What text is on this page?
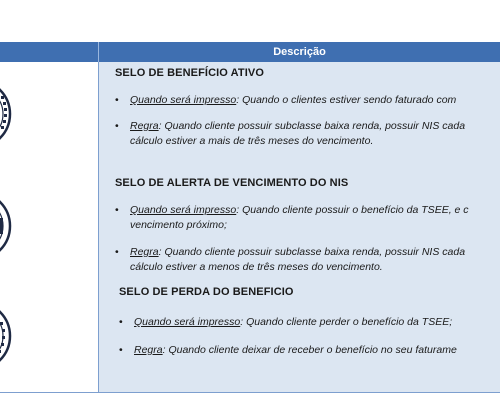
Descrição
SELO DE BENEFÍCIO ATIVO
• Quando será impresso: Quando o clientes estiver sendo faturado com
• Regra: Quando cliente possuir subclasse baixa renda, possuir NIS cada
cálculo estiver a mais de três meses do vencimento.
SELO DE ALERTA DE VENCIMENTO DO NIS
• Quando será impresso: Quando cliente possuir o benefício da TSEE, e c
vencimento próximo;
• Regra: Quando cliente possuir subclasse baixa renda, possuir NIS cada
cálculo estiver a menos de três meses do vencimento.
SELO DE PERDA DO BENEFICIO
• Quando será impresso: Quando cliente perder o benefício da TSEE;
• Regra: Quando cliente deixar de receber o benefício no seu faturame
